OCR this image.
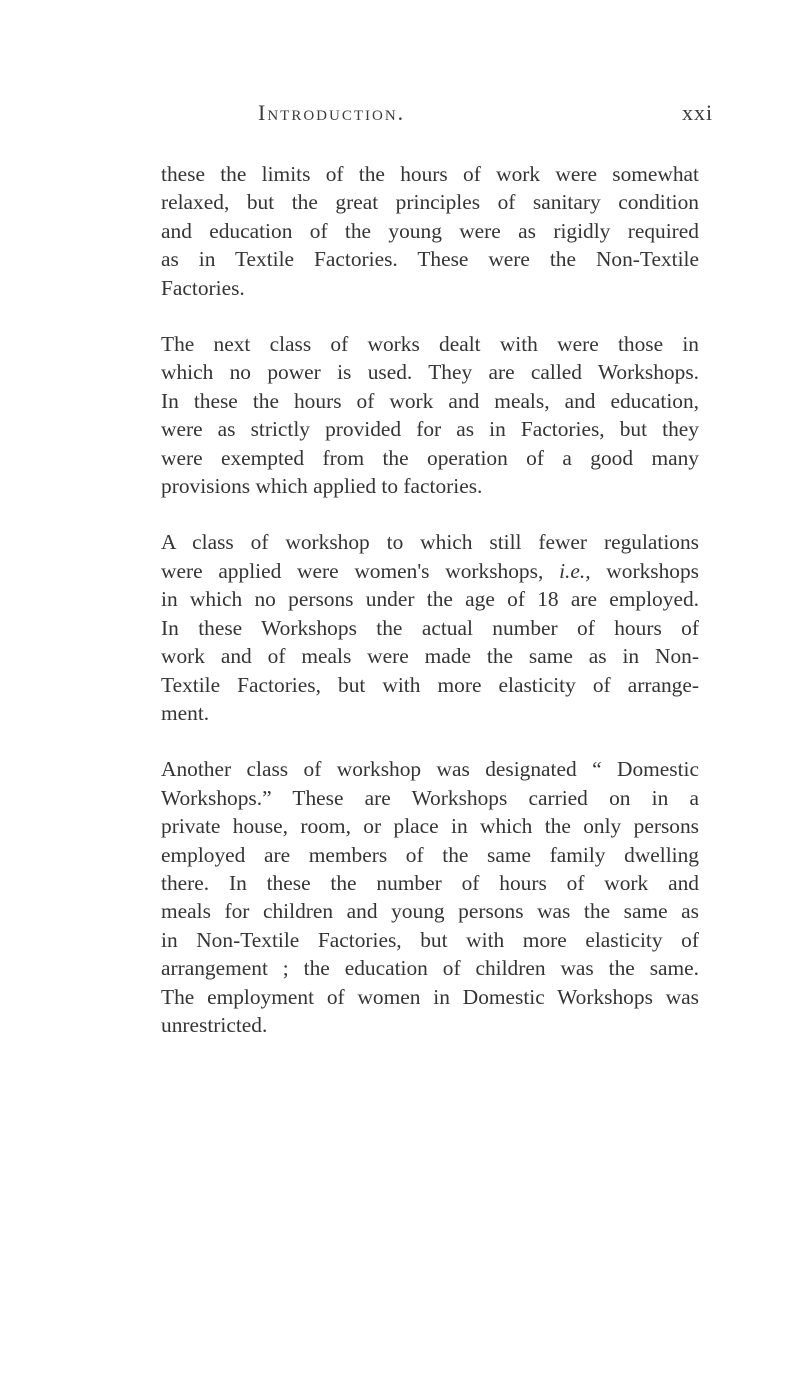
Introduction.	xxi

these the limits of the hours of work were somewhat
relaxed, but the great principles of sanitary condition
and education of the young were as rigidly required
as in Textile Factories. These were the Non-Textile
Factories.

The next class of works dealt with were those in
which no power is used. They are called Workshops.
In these the hours of work and meals, and education,
were as strictly provided for as in Factories, but they
were exempted from the operation of a good many
provisions which applied to factories.

A class of workshop to which still fewer regulations
were applied were women's workshops, i.e., workshops
in which no persons under the age of 18 are employed.
In these Workshops the actual number of hours of
work and of meals were made the same as in Non-
Textile Factories, but with more elasticity of arrange-
ment.

Another class of workshop was designated “ Domestic
Workshops.” These are Workshops carried on in a
private house, room, or place in which the only persons
employed are members of the same family dwelling
there. In these the number of hours of work and
meals for children and young persons was the same as
in Non-Textile Factories, but with more elasticity of
arrangement ; the education of children was the same.
The employment of women in Domestic Workshops was
unrestricted.
